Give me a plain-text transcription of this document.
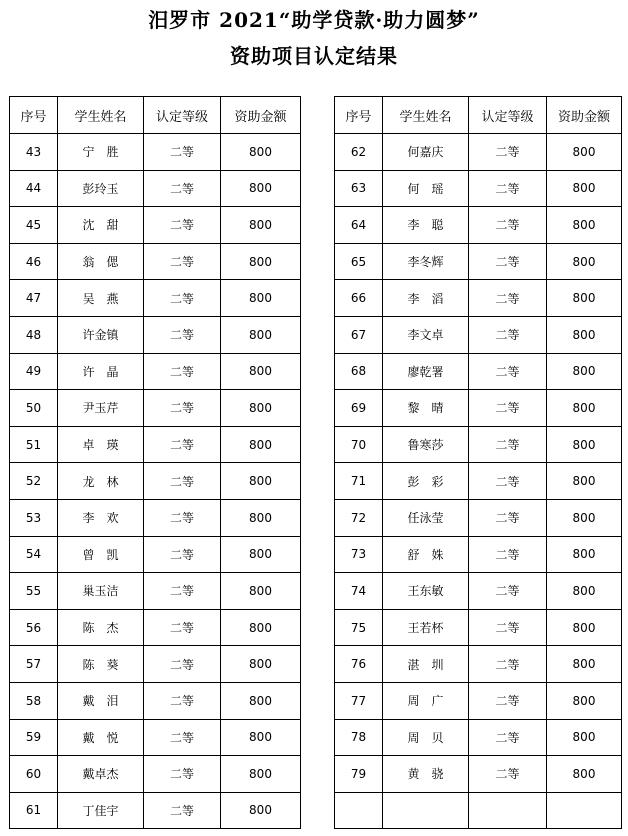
汨罗市 2021“助学贷款·助力圆梦”
资助项目认定结果
序号	学生姓名	认定等级	资助金额
43	宁　胜	二等	800
44	彭玲玉	二等	800
45	沈　甜	二等	800
46	翁　偲	二等	800
47	吴　燕	二等	800
48	许金镇	二等	800
49	许　晶	二等	800
50	尹玉芹	二等	800
51	卓　瑛	二等	800
52	龙　林	二等	800
53	李　欢	二等	800
54	曾　凯	二等	800
55	巢玉洁	二等	800
56	陈　杰	二等	800
57	陈　葵	二等	800
58	戴　泪	二等	800
59	戴　悦	二等	800
60	戴卓杰	二等	800
61	丁佳宇	二等	800
序号	学生姓名	认定等级	资助金额
62	何嘉庆	二等	800
63	何　瑶	二等	800
64	李　聪	二等	800
65	李冬辉	二等	800
66	李　滔	二等	800
67	李文卓	二等	800
68	廖乾署	二等	800
69	黎　晴	二等	800
70	鲁寒莎	二等	800
71	彭　彩	二等	800
72	任泳莹	二等	800
73	舒　姝	二等	800
74	王东敏	二等	800
75	王若杯	二等	800
76	湛　圳	二等	800
77	周　广	二等	800
78	周　贝	二等	800
79	黄　骁	二等	800
